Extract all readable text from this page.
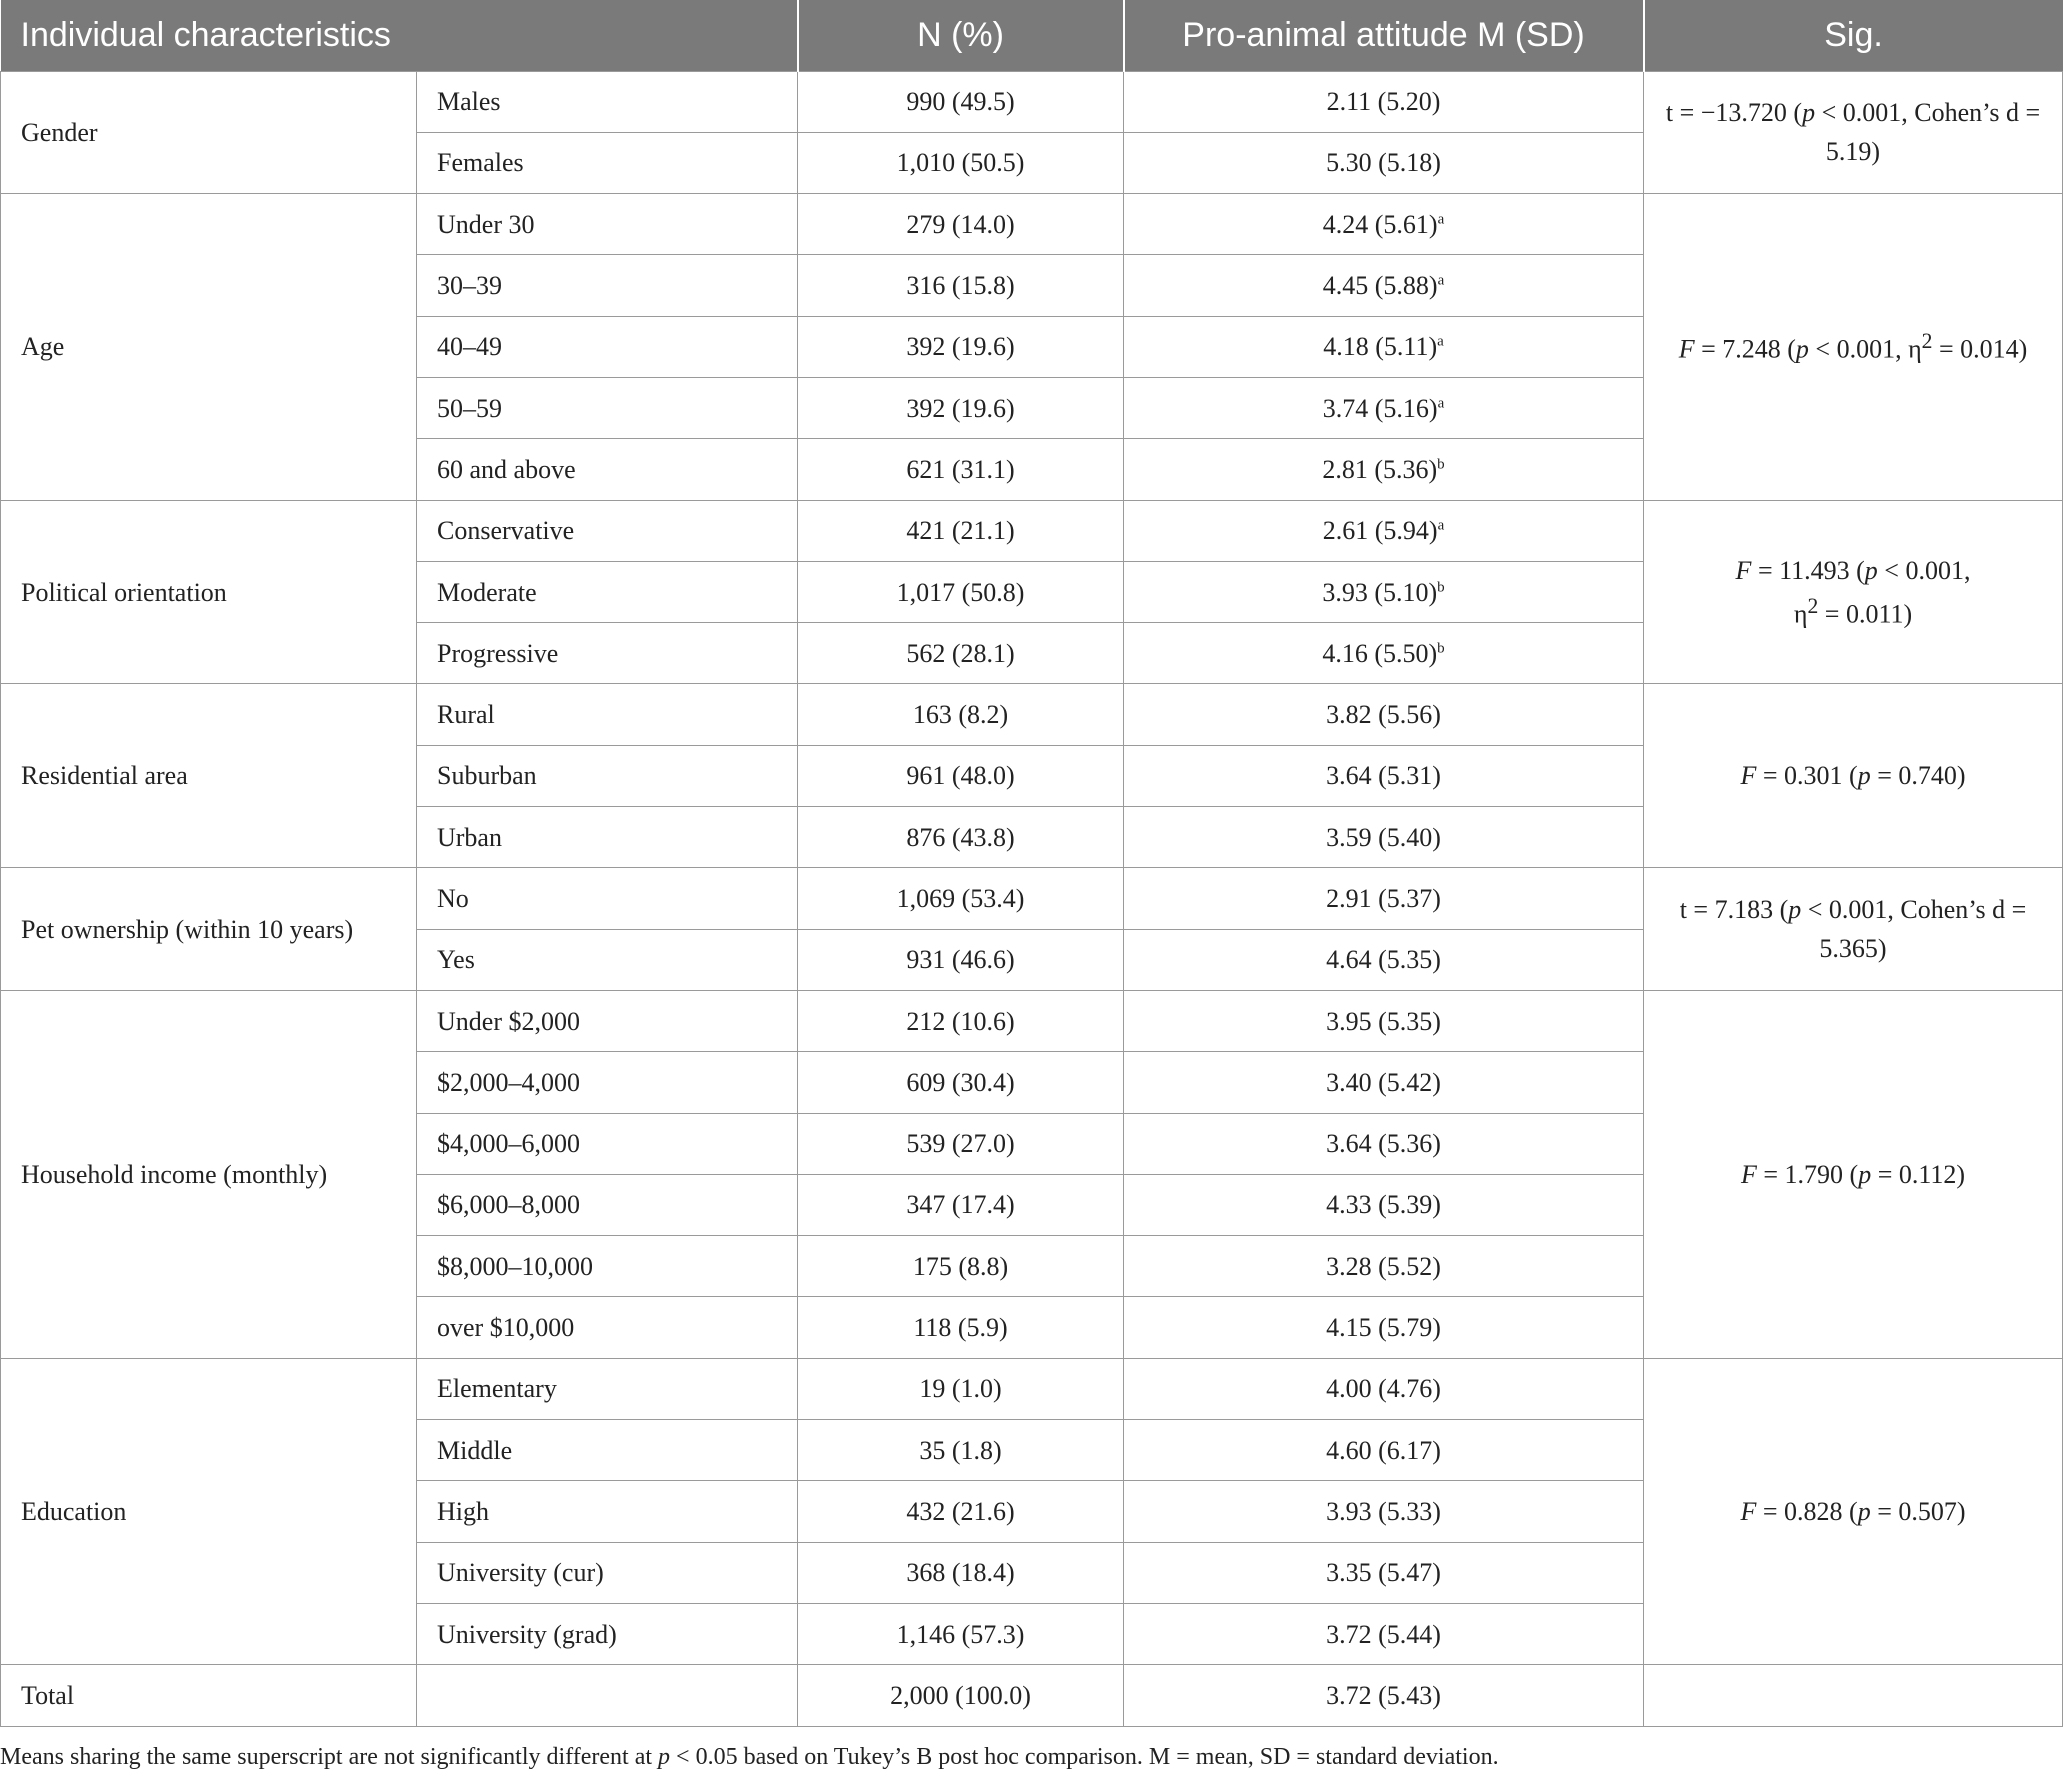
Individual characteristics		N (%)	Pro-animal attitude M (SD)	Sig.
Gender	Males	990 (49.5)	2.11 (5.20)	t = −13.720 (p < 0.001, Cohen’s d = 5.19)
	Females	1,010 (50.5)	5.30 (5.18)	
Age	Under 30	279 (14.0)	4.24 $(5.61)^a$	F = 7.248 (p < 0.001, $\eta^2 = 0.014$)
	30–39	316 (15.8)	4.45 $(5.88)^a$
	40–49	392 (19.6)	4.18 $(5.11)^a$
	50–59	392 (19.6)	3.74 $(5.16)^a$
	60 and above	621 (31.1)	2.81 $(5.36)^b$
Political orientation	Conservative	421 (21.1)	2.61 $(5.94)^a$	F = 11.493 (p < 0.001,
$\eta^2 = 0.011$)
	Moderate	1,017 (50.8)	3.93 $(5.10)^b$
	Progressive	562 (28.1)	4.16 $(5.50)^b$
Residential area	Rural	163 (8.2)	3.82 (5.56)	F = 0.301 (p = 0.740)
	Suburban	961 (48.0)	3.64 (5.31)	
	Urban	876 (43.8)	3.59 (5.40)	
Pet ownership (within 10 years)	No	1,069 (53.4)	2.91 (5.37)	t = 7.183 (p < 0.001, Cohen’s d = 5.365)
	Yes	931 (46.6)	4.64 (5.35)	
Household income (monthly)	Under $2,000	212 (10.6)	3.95 (5.35)	F = 1.790 (p = 0.112)
	$2,000–4,000	609 (30.4)	3.40 (5.42)	
	$4,000–6,000	539 (27.0)	3.64 (5.36)	
	$6,000–8,000	347 (17.4)	4.33 (5.39)	
	$8,000–10,000	175 (8.8)	3.28 (5.52)	
	over $10,000	118 (5.9)	4.15 (5.79)	
Education	Elementary	19 (1.0)	4.00 (4.76)	F = 0.828 (p = 0.507)
	Middle	35 (1.8)	4.60 (6.17)	
	High	432 (21.6)	3.93 (5.33)	
	University (cur)	368 (18.4)	3.35 (5.47)	
	University (grad)	1,146 (57.3)	3.72 (5.44)	
Total		2,000 (100.0)	3.72 (5.43)	
Means sharing the same superscript are not significantly different at p < 0.05 based on Tukey’s B post hoc comparison. M = mean, SD = standard deviation.
